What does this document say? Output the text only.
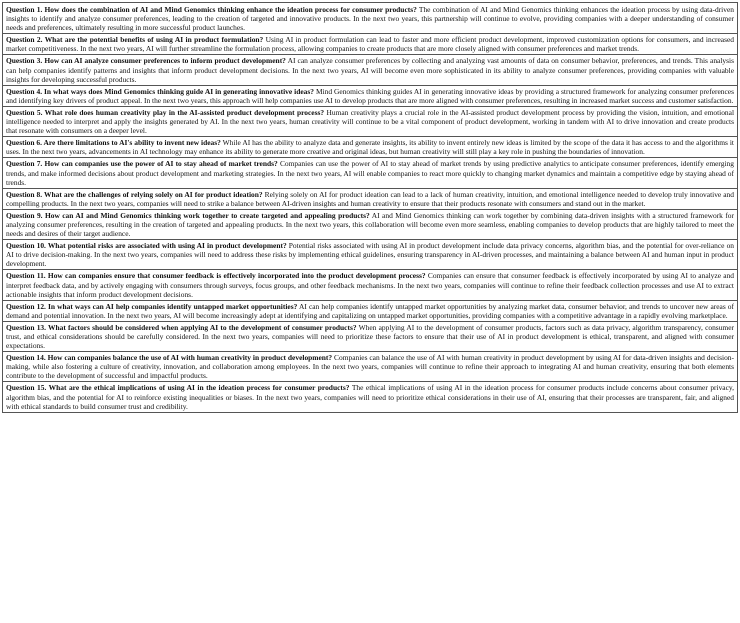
Question 1. How does the combination of AI and Mind Genomics thinking enhance the ideation process for consumer products? The combination of AI and Mind Genomics thinking enhances the ideation process by using data-driven insights to identify and analyze consumer preferences, leading to the creation of targeted and innovative products. In the next two years, this partnership will continue to evolve, providing companies with a deeper understanding of consumer needs and preferences, ultimately resulting in more successful product launches.
Question 2. What are the potential benefits of using AI in product formulation? Using AI in product formulation can lead to faster and more efficient product development, improved customization options for consumers, and increased market competitiveness. In the next two years, AI will further streamline the formulation process, allowing companies to create products that are more closely aligned with consumer preferences and market trends.
Question 3. How can AI analyze consumer preferences to inform product development? AI can analyze consumer preferences by collecting and analyzing vast amounts of data on consumer behavior, preferences, and trends. This analysis can help companies identify patterns and insights that inform product development decisions. In the next two years, AI will become even more sophisticated in its ability to analyze consumer preferences, providing companies with valuable insights for developing successful products.
Question 4. In what ways does Mind Genomics thinking guide AI in generating innovative ideas? Mind Genomics thinking guides AI in generating innovative ideas by providing a structured framework for analyzing consumer preferences and identifying key drivers of product appeal. In the next two years, this approach will help companies use AI to develop products that are more aligned with consumer preferences, resulting in increased market success and customer satisfaction.
Question 5. What role does human creativity play in the AI-assisted product development process? Human creativity plays a crucial role in the AI-assisted product development process by providing the vision, intuition, and emotional intelligence needed to interpret and apply the insights generated by AI. In the next two years, human creativity will continue to be a vital component of product development, working in tandem with AI to drive innovation and create products that resonate with consumers on a deeper level.
Question 6. Are there limitations to AI's ability to invent new ideas? While AI has the ability to analyze data and generate insights, its ability to invent entirely new ideas is limited by the scope of the data it has access to and the algorithms it uses. In the next two years, advancements in AI technology may enhance its ability to generate more creative and original ideas, but human creativity will still play a key role in pushing the boundaries of innovation.
Question 7. How can companies use the power of AI to stay ahead of market trends? Companies can use the power of AI to stay ahead of market trends by using predictive analytics to anticipate consumer preferences, identify emerging trends, and make informed decisions about product development and marketing strategies. In the next two years, AI will enable companies to react more quickly to changing market dynamics and maintain a competitive edge by staying ahead of trends.
Question 8. What are the challenges of relying solely on AI for product ideation? Relying solely on AI for product ideation can lead to a lack of human creativity, intuition, and emotional intelligence needed to develop truly innovative and compelling products. In the next two years, companies will need to strike a balance between AI-driven insights and human creativity to ensure that their products resonate with consumers and stand out in the market.
Question 9. How can AI and Mind Genomics thinking work together to create targeted and appealing products? AI and Mind Genomics thinking can work together by combining data-driven insights with a structured framework for analyzing consumer preferences, resulting in the creation of targeted and appealing products. In the next two years, this collaboration will become even more seamless, enabling companies to develop products that are highly tailored to meet the needs and desires of their target audience.
Question 10. What potential risks are associated with using AI in product development? Potential risks associated with using AI in product development include data privacy concerns, algorithm bias, and the potential for over-reliance on AI to drive decision-making. In the next two years, companies will need to address these risks by implementing ethical guidelines, ensuring transparency in AI-driven processes, and maintaining a balance between AI and human input in product development.
Question 11. How can companies ensure that consumer feedback is effectively incorporated into the product development process? Companies can ensure that consumer feedback is effectively incorporated by using AI to analyze and interpret feedback data, and by actively engaging with consumers through surveys, focus groups, and other feedback mechanisms. In the next two years, companies will continue to refine their feedback collection processes and use AI to extract actionable insights that inform product development decisions.
Question 12. In what ways can AI help companies identify untapped market opportunities? AI can help companies identify untapped market opportunities by analyzing market data, consumer behavior, and trends to uncover new areas of demand and potential innovation. In the next two years, AI will become increasingly adept at identifying and capitalizing on untapped market opportunities, providing companies with a competitive advantage in a rapidly evolving marketplace.
Question 13. What factors should be considered when applying AI to the development of consumer products? When applying AI to the development of consumer products, factors such as data privacy, algorithm transparency, consumer trust, and ethical considerations should be carefully considered. In the next two years, companies will need to prioritize these factors to ensure that their use of AI in product development is ethical, transparent, and aligned with consumer expectations.
Question 14. How can companies balance the use of AI with human creativity in product development? Companies can balance the use of AI with human creativity in product development by using AI for data-driven insights and decision-making, while also fostering a culture of creativity, innovation, and collaboration among employees. In the next two years, companies will continue to refine their approach to integrating AI and human creativity, ensuring that both elements contribute to the development of successful and impactful products.
Question 15. What are the ethical implications of using AI in the ideation process for consumer products? The ethical implications of using AI in the ideation process for consumer products include concerns about consumer privacy, algorithm bias, and the potential for AI to reinforce existing inequalities or biases. In the next two years, companies will need to prioritize ethical considerations in their use of AI, ensuring that their processes are transparent, fair, and aligned with ethical standards to build consumer trust and credibility.
